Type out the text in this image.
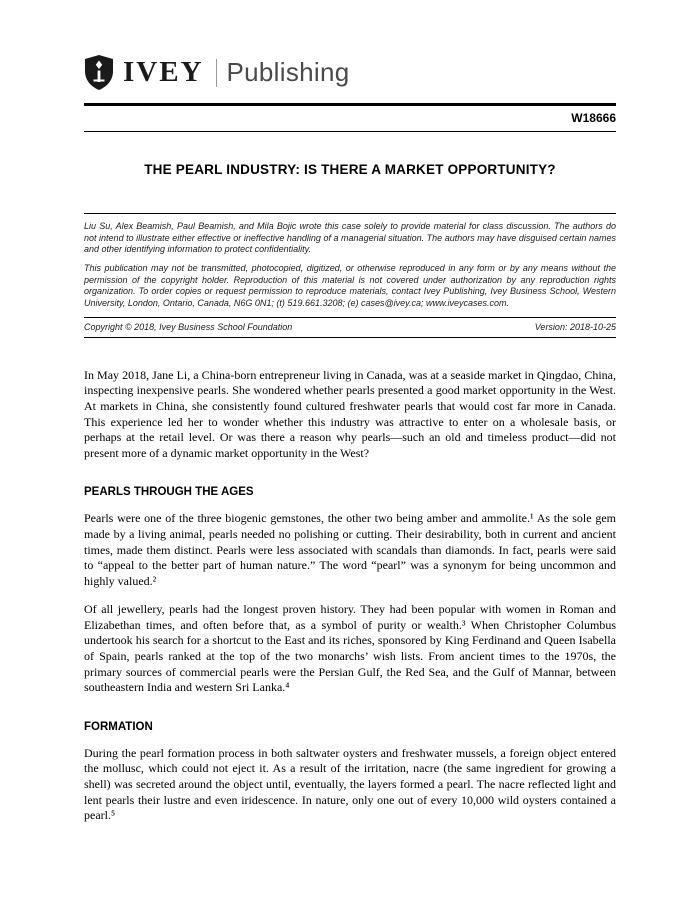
IVEY Publishing
W18666
THE PEARL INDUSTRY: IS THERE A MARKET OPPORTUNITY?

Liu Su, Alex Beamish, Paul Beamish, and Mila Bojic wrote this case solely to provide material for class discussion. The authors do not intend to illustrate either effective or ineffective handling of a managerial situation. The authors may have disguised certain names and other identifying information to protect confidentiality.

This publication may not be transmitted, photocopied, digitized, or otherwise reproduced in any form or by any means without the permission of the copyright holder. Reproduction of this material is not covered under authorization by any reproduction rights organization. To order copies or request permission to reproduce materials, contact Ivey Publishing, Ivey Business School, Western University, London, Ontario, Canada, N6G 0N1; (t) 519.661.3208; (e) cases@ivey.ca; www.iveycases.com.

Copyright © 2018, Ivey Business School Foundation	Version: 2018-10-25

In May 2018, Jane Li, a China-born entrepreneur living in Canada, was at a seaside market in Qingdao, China, inspecting inexpensive pearls. She wondered whether pearls presented a good market opportunity in the West. At markets in China, she consistently found cultured freshwater pearls that would cost far more in Canada. This experience led her to wonder whether this industry was attractive to enter on a wholesale basis, or perhaps at the retail level. Or was there a reason why pearls—such an old and timeless product—did not present more of a dynamic market opportunity in the West?

PEARLS THROUGH THE AGES

Pearls were one of the three biogenic gemstones, the other two being amber and ammolite.¹ As the sole gem made by a living animal, pearls needed no polishing or cutting. Their desirability, both in current and ancient times, made them distinct. Pearls were less associated with scandals than diamonds. In fact, pearls were said to “appeal to the better part of human nature.” The word “pearl” was a synonym for being uncommon and highly valued.²

Of all jewellery, pearls had the longest proven history. They had been popular with women in Roman and Elizabethan times, and often before that, as a symbol of purity or wealth.³ When Christopher Columbus undertook his search for a shortcut to the East and its riches, sponsored by King Ferdinand and Queen Isabella of Spain, pearls ranked at the top of the two monarchs’ wish lists. From ancient times to the 1970s, the primary sources of commercial pearls were the Persian Gulf, the Red Sea, and the Gulf of Mannar, between southeastern India and western Sri Lanka.⁴

FORMATION

During the pearl formation process in both saltwater oysters and freshwater mussels, a foreign object entered the mollusc, which could not eject it. As a result of the irritation, nacre (the same ingredient for growing a shell) was secreted around the object until, eventually, the layers formed a pearl. The nacre reflected light and lent pearls their lustre and even iridescence. In nature, only one out of every 10,000 wild oysters contained a pearl.⁵
